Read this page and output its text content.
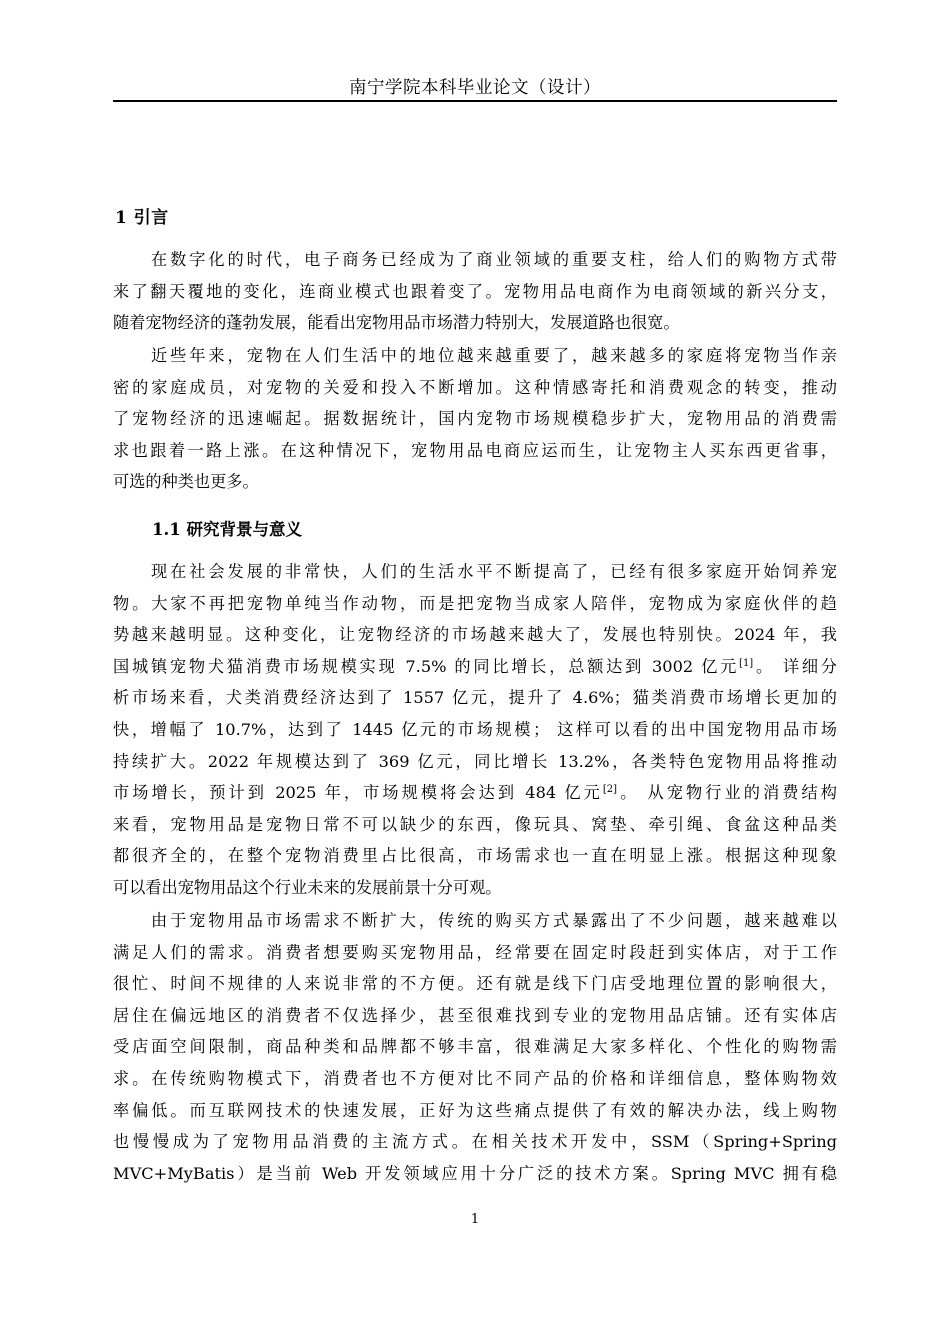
南宁学院本科毕业论文（设计）
1 引言
在数字化的时代，电子商务已经成为了商业领域的重要支柱，给人们的购物方式带
来了翻天覆地的变化，连商业模式也跟着变了。宠物用品电商作为电商领域的新兴分支，
随着宠物经济的蓬勃发展，能看出宠物用品市场潜力特别大，发展道路也很宽。
近些年来，宠物在人们生活中的地位越来越重要了，越来越多的家庭将宠物当作亲
密的家庭成员，对宠物的关爱和投入不断增加。这种情感寄托和消费观念的转变，推动
了宠物经济的迅速崛起。据数据统计，国内宠物市场规模稳步扩大，宠物用品的消费需
求也跟着一路上涨。在这种情况下，宠物用品电商应运而生，让宠物主人买东西更省事，
可选的种类也更多。
1.1 研究背景与意义
现在社会发展的非常快，人们的生活水平不断提高了，已经有很多家庭开始饲养宠
物。大家不再把宠物单纯当作动物，而是把宠物当成家人陪伴，宠物成为家庭伙伴的趋
势越来越明显。这种变化，让宠物经济的市场越来越大了，发展也特别快。2024 年，我
国城镇宠物犬猫消费市场规模实现 7.5% 的同比增长，总额达到 3002 亿元[1]。 详细分
析市场来看，犬类消费经济达到了 1557 亿元，提升了 4.6%；猫类消费市场增长更加的
快，增幅了 10.7%，达到了 1445 亿元的市场规模； 这样可以看的出中国宠物用品市场
持续扩大。2022 年规模达到了 369 亿元，同比增长 13.2%，各类特色宠物用品将推动
市场增长，预计到 2025 年，市场规模将会达到 484 亿元[2]。 从宠物行业的消费结构
来看，宠物用品是宠物日常不可以缺少的东西，像玩具、窝垫、牵引绳、食盆这种品类
都很齐全的，在整个宠物消费里占比很高，市场需求也一直在明显上涨。根据这种现象
可以看出宠物用品这个行业未来的发展前景十分可观。
由于宠物用品市场需求不断扩大，传统的购买方式暴露出了不少问题，越来越难以
满足人们的需求。消费者想要购买宠物用品，经常要在固定时段赶到实体店，对于工作
很忙、时间不规律的人来说非常的不方便。还有就是线下门店受地理位置的影响很大，
居住在偏远地区的消费者不仅选择少，甚至很难找到专业的宠物用品店铺。还有实体店
受店面空间限制，商品种类和品牌都不够丰富，很难满足大家多样化、个性化的购物需
求。在传统购物模式下，消费者也不方便对比不同产品的价格和详细信息，整体购物效
率偏低。而互联网技术的快速发展，正好为这些痛点提供了有效的解决办法，线上购物
也慢慢成为了宠物用品消费的主流方式。在相关技术开发中，SSM（Spring+Spring
MVC+MyBatis）是当前 Web 开发领域应用十分广泛的技术方案。Spring MVC 拥有稳
1
